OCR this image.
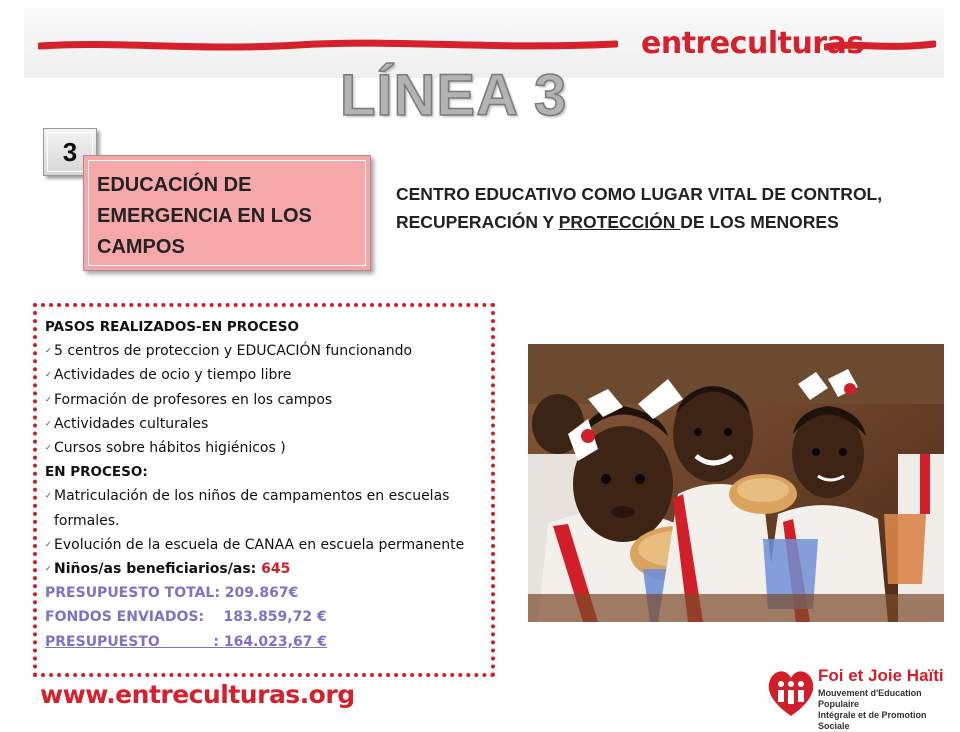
entreculturas
LÍNEA 3
3
EDUCACIÓN DE EMERGENCIA EN LOS CAMPOS
CENTRO EDUCATIVO COMO LUGAR VITAL DE CONTROL, RECUPERACIÓN Y PROTECCIÓN DE LOS MENORES
PASOS REALIZADOS-EN PROCESO
✓ 5 centros de proteccion y EDUCACIÓN funcionando
✓ Actividades de ocio y tiempo libre
✓ Formación de profesores en los campos
✓ Actividades culturales
✓ Cursos sobre hábitos higiénicos )
EN PROCESO:
✓ Matriculación de los niños de campamentos en escuelas formales.
✓ Evolución de la escuela de CANAA en escuela permanente
✓ Niños/as beneficiarios/as: 645
PRESUPUESTO TOTAL: 209.867€
FONDOS ENVIADOS:    183.859,72 €
PRESUPUESTO           : 164.023,67 €
www.entreculturas.org
Foi et Joie Haïti
Mouvement d'Education Populaire
Intégrale et de Promotion Sociale
